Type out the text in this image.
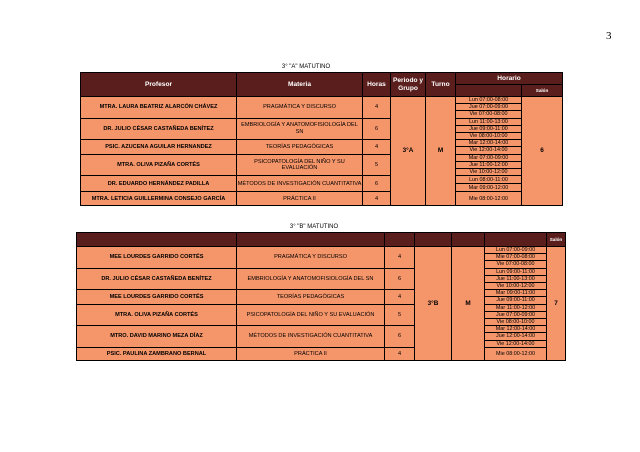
3
3° "A" MATUTINO
Profesor	Materia	Horas	Periodo y Grupo	Turno	Horario	
						Salón
MTRA. LAURA BEATRIZ ALARCÓN CHÁVEZ	PRAGMÁTICA Y DISCURSO	4	3°A	M	Lun 07:00-08:00	6
					Jue 07:00-09:00	
					Vie 07:00-08:00	
DR. JULIO CÉSAR CASTAÑEDA BENÍTEZ	EMBRIOLOGÍA Y ANATOMOFISIOLOGÍA DEL SN	6			Lun 11:00-13:00	
					Jue 09:00-11:00	
					Vie 08:00-10:00	
PSIC. AZUCENA AGUILAR HERNANDEZ	TEORÍAS PEDAGÓGICAS	4			Mar 12:00-14:00	
					Vie 12:00-14:00	
MTRA. OLIVA PIZAÑA CORTÉS	PSICOPATOLOGÍA DEL NIÑO Y SU EVALUACIÓN	5			Mar 07:00-09:00	
					Jue 11:00-12:00	
					Vie 10:00-12:00	
DR. EDUARDO HERNÁNDEZ PADILLA	MÉTODOS DE INVESTIGACIÓN CUANTITATIVA	6			Lun 08:00-11:00	
					Mar 09:00-12:00	
MTRA. LETICIA GUILLERMINA CONSEJO GARCÍA	PRÁCTICA II	4			Mie 08:00-12:00	
3° "B" MATUTINO
						Salón
MEE LOURDES GARRIDO CORTÉS	PRAGMÁTICA Y DISCURSO	4	3°B	M	Lun 07:00-09:00	7
					Mie 07:00-08:00	
					Vie 07:00-08:00	
DR. JULIO CÉSAR CASTAÑEDA BENÍTEZ	EMBRIOLOGÍA Y ANATOMOFISIOLOGÍA DEL SN	6			Lun 09:00-11:00	
					Jue 11:00-13:00	
					Vie 10:00-12:00	
MEE LOURDES GARRIDO CORTÉS	TEORÍAS PEDAGÓGICAS	4			Mar 09:00-11:00	
					Jue 09:00-11:00	
MTRA. OLIVA PIZAÑA CORTÉS	PSICOPATOLOGÍA DEL NIÑO Y SU EVALUACIÓN	5			Mar 11:00-12:00	
					Jue 07:00-09:00	
					Vie 08:00-10:00	
MTRO. DAVID MARINO MEZA DÍAZ	MÉTODOS DE INVESTIGACIÓN CUANTITATIVA	6			Mar 12:00-14:00	
					Jue 12:00-14:00	
					Vie 12:00-14:00	
PSIC. PAULINA ZAMBRANO BERNAL	PRÁCTICA II	4			Mie 08:00-12:00	
